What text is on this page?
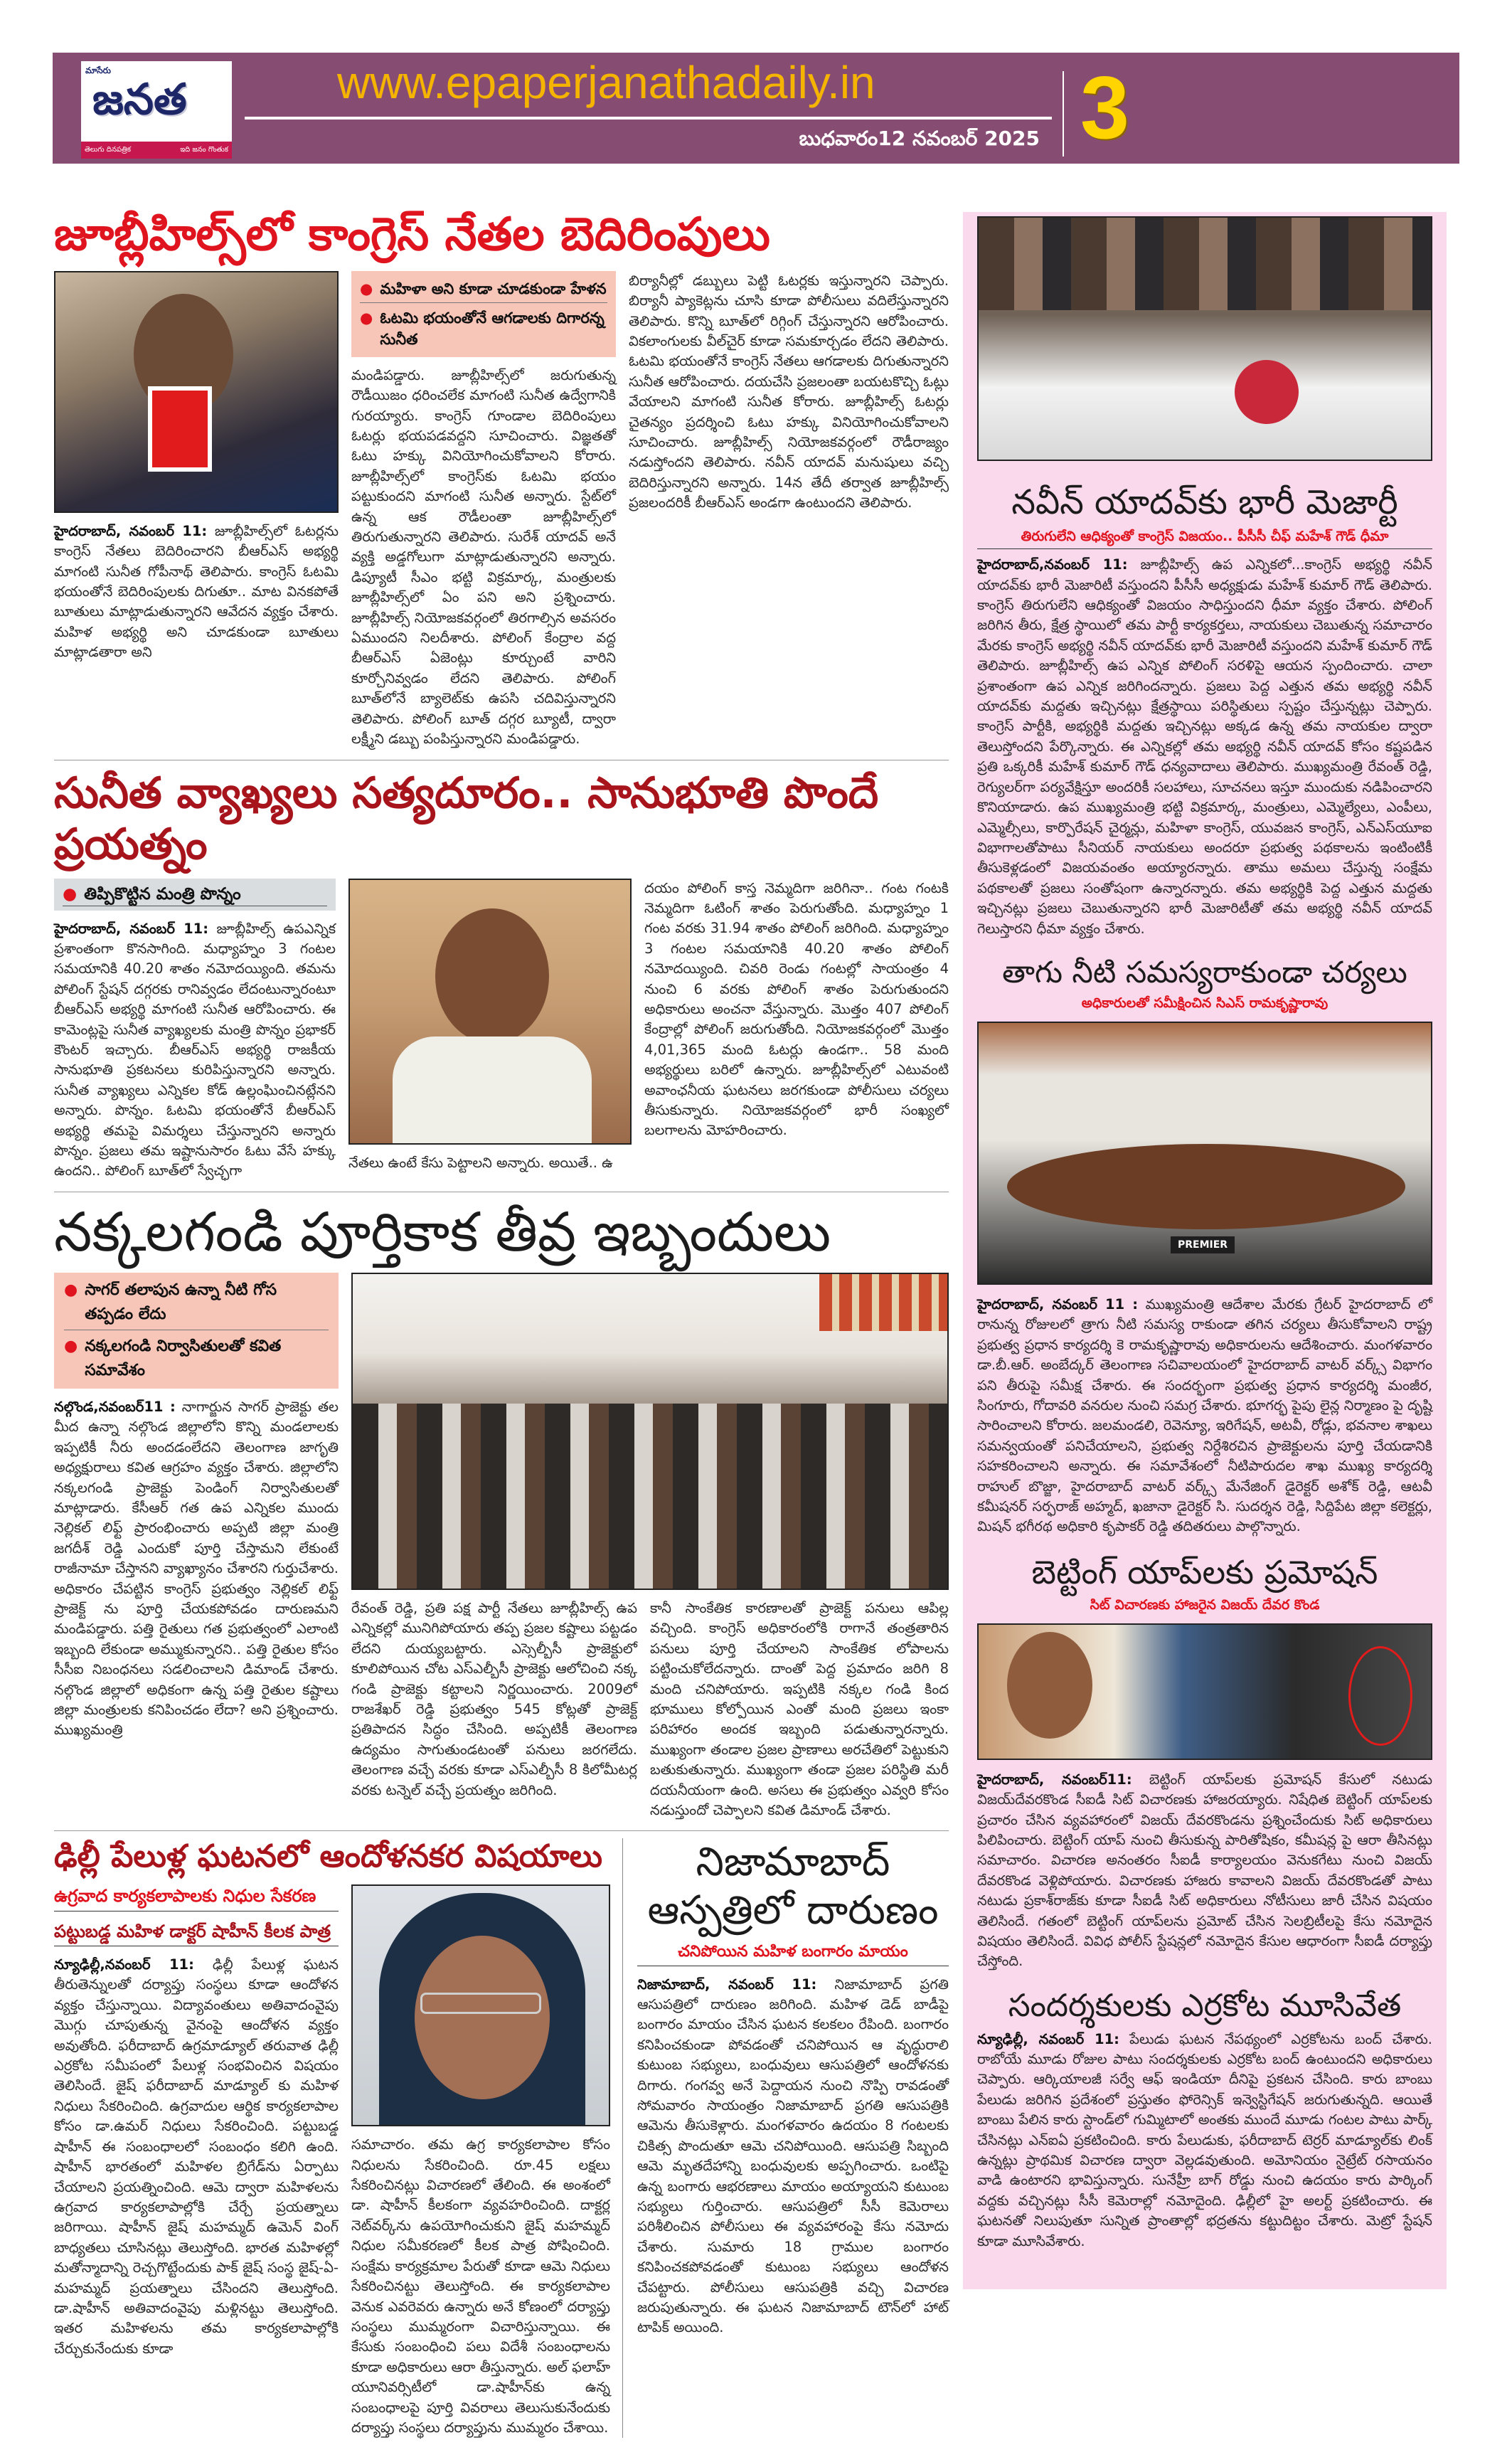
మాసేరు
జనత
తెలుగు దినపత్రిక	ఇది జనం గొంతుక
www.epaperjanathadaily.in
బుధవారం12 నవంబర్ 2025 3
జూబ్లీహిల్స్‌లో కాంగ్రెస్ నేతల బెదిరింపులు
హైదరాబాద్, నవంబర్ 11: జూబ్లీహిల్స్‌లో ఓటర్లను కాంగ్రెస్ నేతలు బెదిరించారని బీఆర్ఎస్ అభ్యర్థి మాగంటి సునీత గోపీనాథ్ తెలిపారు. కాంగ్రెస్ ఓటమి భయంతోనే బెదిరింపులకు దిగుతూ.. మాట వినకపోతే బూతులు మాట్లాడుతున్నారని ఆవేదన వ్యక్తం చేశారు. మహిళ అభ్యర్థి అని చూడకుండా బూతులు మాట్లాడతారా అని
● మహిళా అని కూడా చూడకుండా హేళన
● ఓటమి భయంతోనే ఆగడాలకు దిగారన్న సునీత
మండిపడ్డారు. జూబ్లీహిల్స్‌లో జరుగుతున్న రౌడీయిజం ధరించలేక మాగంటి సునీత ఉద్వేగానికి గురయ్యారు. కాంగ్రెస్ గూండాల బెదిరింపులు ఓటర్లు భయపడవద్దని సూచించారు. విజ్ఞతతో ఓటు హక్కు వినియోగించుకోవాలని కోరారు. జూబ్లీహిల్స్‌లో కాంగ్రెస్‌కు ఓటమి భయం పట్టుకుందని మాగంటి సునీత అన్నారు. స్టేట్‌లో ఉన్న ఆక రౌడీలంతా జూబ్లీహిల్స్‌లో తిరుగుతున్నారని తెలిపారు. సురేశ్ యాదవ్ అనే వ్యక్తి అడ్డగోలుగా మాట్లాడుతున్నారని అన్నారు. డిప్యూటీ సీఎం భట్టి విక్రమార్క, మంత్రులకు జూబ్లీహిల్స్‌లో ఏం పని అని ప్రశ్నించారు. జూబ్లీహిల్స్ నియోజకవర్గంలో తిరగాల్సిన అవసరం ఏముందని నిలదీశారు. పోలింగ్ కేంద్రాల వద్ద బీఆర్ఎస్ ఏజెంట్లు కూర్చుంటే వారిని కూర్చోనివ్వడం లేదని తెలిపారు. పోలింగ్ బూత్‌లోనే బ్యాలెట్‌కు ఉపసి చదివిస్తున్నారని తెలిపారు. పోలింగ్ బూత్ దగ్గర బ్యూటీ, ద్వారా లక్ష్మీని డబ్బు పంపిస్తున్నారని మండిపడ్డారు.
బిర్యానీల్లో డబ్బులు పెట్టి ఓటర్లకు ఇస్తున్నారని చెప్పారు. బిర్యానీ ప్యాకెట్లను చూసి కూడా పోలీసులు వదిలేస్తున్నారని తెలిపారు. కొన్ని బూత్‌లో రిగ్గింగ్ చేస్తున్నారని ఆరోపించారు. వికలాంగులకు వీల్‌చైర్ కూడా సమకూర్చడం లేదని తెలిపారు. ఓటమి భయంతోనే కాంగ్రెస్ నేతలు ఆగడాలకు దిగుతున్నారని సునీత ఆరోపించారు. దయచేసి ప్రజలంతా బయటకొచ్చి ఓట్లు వేయాలని మాగంటి సునీత కోరారు. జూబ్లీహిల్స్ ఓటర్లు చైతన్యం ప్రదర్శించి ఓటు హక్కు వినియోగించుకోవాలని సూచించారు. జూబ్లీహిల్స్ నియోజకవర్గంలో రౌడీరాజ్యం నడుస్తోందని తెలిపారు. నవీన్ యాదవ్ మనుషులు వచ్చి బెదిరిస్తున్నారని అన్నారు. 14న తేదీ తర్వాత జూబ్లీహిల్స్ ప్రజలందరికీ బీఆర్ఎస్ అండగా ఉంటుందని తెలిపారు.
సునీత వ్యాఖ్యలు సత్యదూరం.. సానుభూతి పొందే ప్రయత్నం
● తిప్పికొట్టిన మంత్రి పొన్నం
హైదరాబాద్, నవంబర్ 11: జూబ్లీహిల్స్ ఉపఎన్నిక ప్రశాంతంగా కొనసాగింది. మధ్యాహ్నం 3 గంటల సమయానికి 40.20 శాతం నమోదయ్యింది. తమను పోలింగ్ స్టేషన్ దగ్గరకు రానివ్వడం లేదంటున్నారంటూ బీఆర్ఎస్ అభ్యర్థి మాగంటి సునీత ఆరోపించారు. ఈ కామెంట్లపై సునీత వ్యాఖ్యలకు మంత్రి పొన్నం ప్రభాకర్ కౌంటర్ ఇచ్చారు. బీఆర్ఎస్ అభ్యర్థి రాజకీయ సానుభూతి ప్రకటనలు కురిపిస్తున్నారని అన్నారు. సునీత వ్యాఖ్యలు ఎన్నికల కోడ్ ఉల్లంఘించినట్లేనని అన్నారు. పొన్నం. ఓటమి భయంతోనే బీఆర్ఎస్ అభ్యర్థి తమపై విమర్శలు చేస్తున్నారని అన్నారు పొన్నం. ప్రజలు తమ ఇష్టానుసారం ఓటు వేసే హక్కు ఉందని.. పోలింగ్ బూత్‌లో స్వేచ్ఛగా
నేతలు ఉంటే కేసు పెట్టాలని అన్నారు. అయితే.. ఉ
దయం పోలింగ్ కాస్త నెమ్మదిగా జరిగినా.. గంట గంటకి నెమ్మదిగా ఓటింగ్ శాతం పెరుగుతోంది. మధ్యాహ్నం 1 గంట వరకు 31.94 శాతం పోలింగ్ జరిగింది. మధ్యాహ్నం 3 గంటల సమయానికి 40.20 శాతం పోలింగ్ నమోదయ్యింది. చివరి రెండు గంటల్లో సాయంత్రం 4 నుంచి 6 వరకు పోలింగ్ శాతం పెరుగుతుందని అధికారులు అంచనా వేస్తున్నారు. మొత్తం 407 పోలింగ్ కేంద్రాల్లో పోలింగ్ జరుగుతోంది. నియోజకవర్గంలో మొత్తం 4,01,365 మంది ఓటర్లు ఉండగా.. 58 మంది అభ్యర్థులు బరిలో ఉన్నారు. జూబ్లీహిల్స్‌లో ఎటువంటి అవాంఛనీయ ఘటనలు జరగకుండా పోలీసులు చర్యలు తీసుకున్నారు. నియోజకవర్గంలో భారీ సంఖ్యలో బలగాలను మోహరించారు.
నక్కలగండి పూర్తికాక తీవ్ర ఇబ్బందులు
● సాగర్ తలాపున ఉన్నా నీటి గోస తప్పడం లేదు
● నక్కలగండి నిర్వాసితులతో కవిత సమావేశం
నల్గొండ,నవంబర్11 : నాగార్జున సాగర్ ప్రాజెక్టు తల మీద ఉన్నా నల్గొండ జిల్లాలోని కొన్ని మండలాలకు ఇప్పటికీ నీరు అందడంలేదని తెలంగాణ జాగృతి అధ్యక్షురాలు కవిత ఆగ్రహం వ్యక్తం చేశారు. జిల్లాలోని నక్కలగండి ప్రాజెక్టు పెండింగ్ నిర్వాసితులతో మాట్లాడారు. కేసీఆర్ గత ఉప ఎన్నికల ముందు నెల్లికల్ లిఫ్ట్ ప్రారంభించారు అప్పటి జిల్లా మంత్రి జగదీశ్ రెడ్డి ఎందుకో పూర్తి చేస్తామని లేకుంటే రాజీనామా చేస్తానని వ్యాఖ్యానం చేశారని గుర్తుచేశారు. అధికారం చేపట్టిన కాంగ్రెస్ ప్రభుత్వం నెల్లికల్ లిఫ్ట్ ప్రాజెక్ట్ ను పూర్తి చేయకపోవడం దారుణమని మండిపడ్డారు. పత్తి రైతులు గత ప్రభుత్వంలో ఎలాంటి ఇబ్బంది లేకుండా అమ్ముకున్నారని.. పత్తి రైతుల కోసం సీసీఐ నిబంధనలు సడలించాలని డిమాండ్ చేశారు. నల్గొండ జిల్లాలో అధికంగా ఉన్న పత్తి రైతుల కష్టాలు జిల్లా మంత్రులకు కనిపించడం లేదా? అని ప్రశ్నించారు. ముఖ్యమంత్రి
రేవంత్ రెడ్డి, ప్రతి పక్ష పార్టీ నేతలు జూబ్లీహిల్స్ ఉప ఎన్నికల్లో మునిగిపోయారు తప్ప ప్రజల కష్టాలు పట్టడం లేదని దుయ్యబట్టారు. ఎస్సెల్బీసీ ప్రాజెక్టులో కూలిపోయిన చోట ఎస్ఎల్బీసీ ప్రాజెక్టు ఆలోచించి నక్క గండి ప్రాజెక్టు కట్టాలని నిర్ణయించారు. 2009లో రాజశేఖర్ రెడ్డి ప్రభుత్వం 545 కోట్లతో ప్రాజెక్ట్ ప్రతిపాదన సిద్ధం చేసింది. అప్పటికీ తెలంగాణ ఉద్యమం సాగుతుండటంతో పనులు జరగలేదు. తెలంగాణ వచ్చే వరకు కూడా ఎస్ఎల్బీసీ 8 కిలోమీటర్ల వరకు టన్నెల్ వచ్చే ప్రయత్నం జరిగింది.
కానీ సాంకేతిక కారణాలతో ప్రాజెక్ట్ పనులు ఆపిల్ల వచ్చింది. కాంగ్రెస్ అధికారంలోకి రాగానే తంత్రతారిన పనులు పూర్తి చేయాలని సాంకేతిక లోపాలను పట్టించుకోలేదన్నారు. దాంతో పెద్ద ప్రమాదం జరిగి 8 మంది చనిపోయారు. ఇప్పటికి నక్కల గండి కింద భూములు కోల్పోయిన ఎంతో మంది ప్రజలు ఇంకా పరిహారం అందక ఇబ్బంది పడుతున్నారన్నారు. ముఖ్యంగా తండాల ప్రజల ప్రాణాలు అరచేతిలో పెట్టుకుని బతుకుతున్నారు. ముఖ్యంగా తండా ప్రజల పరిస్థితి మరీ దయనీయంగా ఉంది. అసలు ఈ ప్రభుత్వం ఎవ్వరి కోసం నడుస్తుందో చెప్పాలని కవిత డిమాండ్ చేశారు.
ఢిల్లీ పేలుళ్ల ఘటనలో ఆందోళనకర విషయాలు
ఉగ్రవాద కార్యకలాపాలకు నిధుల సేకరణ
పట్టుబడ్డ మహిళ డాక్టర్ షాహీన్ కీలక పాత్ర
న్యూఢిల్లీ,నవంబర్ 11: ఢిల్లీ పేలుళ్ల ఘటన తీరుతెన్నులతో దర్యాప్తు సంస్థలు కూడా ఆందోళన వ్యక్తం చేస్తున్నాయి. విద్యావంతులు అతివాదంవైపు మొగ్గు చూపుతున్న వైనంపై ఆందోళన వ్యక్తం అవుతోంది. ఫరీదాబాద్ ఉగ్రమాడ్యూల్ తరువాత ఢిల్లీ ఎర్రకోట సమీపంలో పేలుళ్ల సంభవించిన విషయం తెలిసిందే. జైష్ ఫరీదాబాద్ మాడ్యూల్ కు మహిళ నిధులు సేకరించింది. ఉగ్రవాదుల ఆర్థిక కార్యకలాపాల కోసం డా.ఉమర్ నిధులు సేకరించింది. పట్టుబడ్డ షాహీన్ ఈ సంబంధాలలో సంబంధం కలిగి ఉంది. షాహీన్ భారతంలో మహిళల బ్రిగేడ్‌ను ఏర్పాటు చేయాలని ప్రయత్నించింది. ఆమె ద్వారా మహిళలను ఉగ్రవాద కార్యకలాపాల్లోకి చేర్చే ప్రయత్నాలు జరిగాయి. షాహీన్ జైష్ మహమ్మద్ ఉమెన్ వింగ్ బాధ్యతలు చూసినట్లు తెలుస్తోంది. భారత మహిళల్లో మతోన్మాదాన్ని రెచ్చగొట్టేందుకు పాక్ జైష్ సంస్థ జైష్-ఏ- మహమ్మద్ ప్రయత్నాలు చేసిందని తెలుస్తోంది. డా.షాహీన్ అతివాదంవైపు మళ్లినట్టు తెలుస్తోంది. ఇతర మహిళలను తమ కార్యకలాపాల్లోకి చేర్చుకునేందుకు కూడా
సమాచారం. తమ ఉగ్ర కార్యకలాపాల కోసం నిధులను సేకరించింది. రూ.45 లక్షలు సేకరించినట్లు విచారణలో తేలింది. ఈ అంశంలో డా. షాహీన్ కీలకంగా వ్యవహరించింది. దాక్టర్ల నెట్‌వర్క్‌ను ఉపయోగించుకుని జైష్ మహమ్మద్ నిధుల సమీకరణలో కీలక పాత్ర పోషించింది. సంక్షేమ కార్యక్రమాల పేరుతో కూడా ఆమె నిధులు సేకరించినట్టు తెలుస్తోంది. ఈ కార్యకలాపాల వెనుక ఎవరెవరు ఉన్నారు అనే కోణంలో దర్యాప్తు సంస్థలు ముమ్మరంగా విచారిస్తున్నాయి. ఈ కేసుకు సంబంధించి పలు విదేశీ సంబంధాలను కూడా అధికారులు ఆరా తీస్తున్నారు. అల్ ఫలాహ్ యూనివర్సిటీలో డా.షాహీన్‌కు ఉన్న సంబంధాలపై పూర్తి వివరాలు తెలుసుకునేందుకు దర్యాప్తు సంస్థలు దర్యాప్తును ముమ్మరం చేశాయి.
నిజామాబాద్
ఆస్పత్రిలో దారుణం
చనిపోయిన మహిళ బంగారం మాయం
నిజామాబాద్, నవంబర్ 11: నిజామాబాద్ ప్రగతి ఆసుపత్రిలో దారుణం జరిగింది. మహిళ డెడ్ బాడీపై బంగారం మాయం చేసిన ఘటన కలకలం రేపింది. బంగారం కనిపించకుండా పోవడంతో చనిపోయిన ఆ వృద్ధురాలి కుటుంబ సభ్యులు, బంధువులు ఆసుపత్రిలో ఆందోళనకు దిగారు. గంగవ్వ అనే పెద్దాయన నుంచి నొప్పి రావడంతో సోమవారం సాయంత్రం నిజామాబాద్ ప్రగతి ఆసుపత్రికి ఆమెను తీసుకెళ్లారు. మంగళవారం ఉదయం 8 గంటలకు చికిత్స పొందుతూ ఆమె చనిపోయింది. ఆసుపత్రి సిబ్బంది ఆమె మృతదేహాన్ని బంధువులకు అప్పగించారు. ఒంటిపై ఉన్న బంగారు ఆభరణాలు మాయం అయ్యాయని కుటుంబ సభ్యులు గుర్తించారు. ఆసుపత్రిలో సీసీ కెమెరాలు పరిశీలించిన పోలీసులు ఈ వ్యవహారంపై కేసు నమోదు చేశారు. సుమారు 18 గ్రాముల బంగారం కనిపించకపోవడంతో కుటుంబ సభ్యులు ఆందోళన చేపట్టారు. పోలీసులు ఆసుపత్రికి వచ్చి విచారణ జరుపుతున్నారు. ఈ ఘటన నిజామాబాద్ టౌన్‌లో హాట్ టాపిక్ అయింది.
నవీన్ యాదవ్‌కు భారీ మెజార్టీ
తిరుగులేని ఆధిక్యంతో కాంగ్రెస్ విజయం.. పీసీసీ చీఫ్ మహేశ్ గౌడ్ ధీమా
హైదరాబాద్,నవంబర్ 11: జూబ్లీహిల్స్ ఉప ఎన్నికలో...కాంగ్రెస్ అభ్యర్థి నవీన్ యాదవ్‌కు భారీ మెజారిటీ వస్తుందని పీసీసీ అధ్యక్షుడు మహేశ్ కుమార్ గౌడ్ తెలిపారు. కాంగ్రెస్ తిరుగులేని ఆధిక్యంతో విజయం సాధిస్తుందని ధీమా వ్యక్తం చేశారు. పోలింగ్ జరిగిన తీరు, క్షేత్ర స్థాయిలో తమ పార్టీ కార్యకర్తలు, నాయకులు చెబుతున్న సమాచారం మేరకు కాంగ్రెస్ అభ్యర్థి నవీన్ యాదవ్‌కు భారీ మెజారిటీ వస్తుందని మహేశ్ కుమార్ గౌడ్ తెలిపారు. జూబ్లీహిల్స్ ఉప ఎన్నిక పోలింగ్ సరళిపై ఆయన స్పందించారు. చాలా ప్రశాంతంగా ఉప ఎన్నిక జరిగిందన్నారు. ప్రజలు పెద్ద ఎత్తున తమ అభ్యర్థి నవీన్ యాదవ్‌కు మద్దతు ఇచ్చినట్లు క్షేత్రస్థాయి పరిస్థితులు స్పష్టం చేస్తున్నట్లు చెప్పారు. కాంగ్రెస్ పార్టీకి, అభ్యర్థికి మద్దతు ఇచ్చినట్లు అక్కడ ఉన్న తమ నాయకుల ద్వారా తెలుస్తోందని పేర్కొన్నారు. ఈ ఎన్నికల్లో తమ అభ్యర్థి నవీన్ యాదవ్ కోసం కష్టపడిన ప్రతి ఒక్కరికీ మహేశ్ కుమార్ గౌడ్ ధన్యవాదాలు తెలిపారు. ముఖ్యమంత్రి రేవంత్ రెడ్డి, రెగ్యులర్‌గా పర్యవేక్షిస్తూ అందరికీ సలహాలు, సూచనలు ఇస్తూ ముందుకు నడిపించారని కొనియాడారు. ఉప ముఖ్యమంత్రి భట్టి విక్రమార్క, మంత్రులు, ఎమ్మెల్యేలు, ఎంపీలు, ఎమ్మెల్సీలు, కార్పొరేషన్ చైర్మన్లు, మహిళా కాంగ్రెస్, యువజన కాంగ్రెస్, ఎన్ఎస్‌యూఐ విభాగాలతోపాటు సీనియర్ నాయకులు అందరూ ప్రభుత్వ పథకాలను ఇంటింటికీ తీసుకెళ్లడంలో విజయవంతం అయ్యారన్నారు. తాము అమలు చేస్తున్న సంక్షేమ పథకాలతో ప్రజలు సంతోషంగా ఉన్నారన్నారు. తమ అభ్యర్థికి పెద్ద ఎత్తున మద్దతు ఇచ్చినట్లు ప్రజలు చెబుతున్నారని భారీ మెజారిటీతో తమ అభ్యర్థి నవీన్ యాదవ్ గెలుస్తారని ధీమా వ్యక్తం చేశారు.
తాగు నీటి సమస్యరాకుండా చర్యలు
అధికారులతో సమీక్షించిన సిఎస్ రామకృష్ణారావు
PREMIER
హైదరాబాద్, నవంబర్ 11 : ముఖ్యమంత్రి ఆదేశాల మేరకు గ్రేటర్ హైదరాబాద్ లో రానున్న రోజులలో త్రాగు నీటి సమస్య రాకుండా తగిన చర్యలు తీసుకోవాలని రాష్ట్ర ప్రభుత్వ ప్రధాన కార్యదర్శి కె రామకృష్ణారావు అధికారులను ఆదేశించారు. మంగళవారం డా.బీ.ఆర్. అంబేద్కర్ తెలంగాణ సచివాలయంలో హైదరాబాద్ వాటర్ వర్క్స్ విభాగం పని తీరుపై సమీక్ష చేశారు. ఈ సందర్భంగా ప్రభుత్వ ప్రధాన కార్యదర్శి మంజీర, సింగూరు, గోదావరి వనరుల నుంచి సమగ్ర చేశారు. భూగర్భ పైపు లైన్ల నిర్మాణం పై దృష్టి సారించాలని కోరారు. జలమండలి, రెవెన్యూ, ఇరిగేషన్, అటవీ, రోడ్లు, భవనాల శాఖలు సమన్వయంతో పనిచేయాలని, ప్రభుత్వ నిర్దేశిరచిన ప్రాజెక్టులను పూర్తి చేయడానికి సహకరించాలని అన్నారు. ఈ సమావేశంలో నీటిపారుదల శాఖ ముఖ్య కార్యదర్శి రాహుల్ బొజ్జా, హైదరాబాద్ వాటర్ వర్క్స్ మేనేజింగ్ డైరెక్టర్ అశోక్ రెడ్డి, ఆటవీ కమీషనర్ సర్ఫరాజ్ అహ్మద్, ఖజానా డైరెక్టర్ సి. సుదర్శన రెడ్డి, సిద్దిపేట జిల్లా కలెక్టర్లు, మిషన్ భగీరథ అధికారి కృపాకర్ రెడ్డి తదితరులు పాల్గొన్నారు.
బెట్టింగ్ యాప్‌లకు ప్రమోషన్
సిట్ విచారణకు హాజరైన విజయ్ దేవర కొండ
హైదరాబాద్, నవంబర్11: బెట్టింగ్ యాప్‌లకు ప్రమోషన్ కేసులో నటుడు విజయ్‌దేవరకొండ సీఐడీ సిట్ విచారణకు హాజరయ్యారు. నిషేధిత బెట్టింగ్ యాప్‌లకు ప్రచారం చేసిన వ్యవహారంలో విజయ్ దేవరకొండను ప్రశ్నించేందుకు సిట్ అధికారులు పిలిపించారు. బెట్టింగ్ యాప్ నుంచి తీసుకున్న పారితోషికం, కమీషన్ల పై ఆరా తీసినట్లు సమాచారం. విచారణ అనంతరం సీఐడీ కార్యాలయం వెనుకగేటు నుంచి విజయ్ దేవరకొండ వెళ్లిపోయారు. విచారణకు హాజరు కావాలని విజయ్ దేవరకొండతో పాటు నటుడు ప్రకాశ్‌రాజ్‌కు కూడా సీఐడీ సిట్ అధికారులు నోటీసులు జారీ చేసిన విషయం తెలిసిందే. గతంలో బెట్టింగ్ యాప్‌లను ప్రమోట్ చేసిన సెలబ్రిటీలపై కేసు నమోదైన విషయం తెలిసిందే. వివిధ పోలీస్ స్టేషన్లలో నమోదైన కేసుల ఆధారంగా సీఐడీ దర్యాప్తు చేస్తోంది.
సందర్శకులకు ఎర్రకోట మూసివేత
న్యూఢిల్లీ, నవంబర్ 11: పేలుడు ఘటన నేపథ్యంలో ఎర్రకోటను బంద్ చేశారు. రాబోయే మూడు రోజుల పాటు సందర్శకులకు ఎర్రకోట బంద్ ఉంటుందని అధికారులు చెప్పారు. ఆర్కియాలజీ సర్వే ఆఫ్ ఇండియా దీనిపై ప్రకటన చేసింది. కారు బాంబు పేలుడు జరిగిన ప్రదేశంలో ప్రస్తుతం ఫోరెన్సిక్ ఇన్వెస్టిగేషన్ జరుగుతున్నది. ఆయితే బాంబు పేలిన కారు స్టాండ్‌లో గుమ్మిటాలో అంతకు ముందే మూడు గంటల పాటు పార్క్ చేసినట్లు ఎన్ఐఏ ప్రకటించింది. కారు పేలుడుకు, ఫరీదాబాద్ టెర్రర్ మాడ్యూల్‌కు లింక్ ఉన్నట్లు ప్రాథమిక విచారణ ద్వారా వెల్లడవుతుంది. అమోనియం నైట్రేట్ రసాయనం వాడి ఉంటారని భావిస్తున్నారు. సునేహ్రీ బాగ్ రోడ్డు నుంచి ఉదయం కారు పార్కింగ్ వద్దకు వచ్చినట్లు సీసీ కెమెరాల్లో నమోదైంది. ఢిల్లీలో హై అలర్ట్ ప్రకటించారు. ఈ ఘటనతో నిలుపుతూ సున్నిత ప్రాంతాల్లో భద్రతను కట్టుదిట్టం చేశారు. మెట్రో స్టేషన్ కూడా మూసివేశారు.
